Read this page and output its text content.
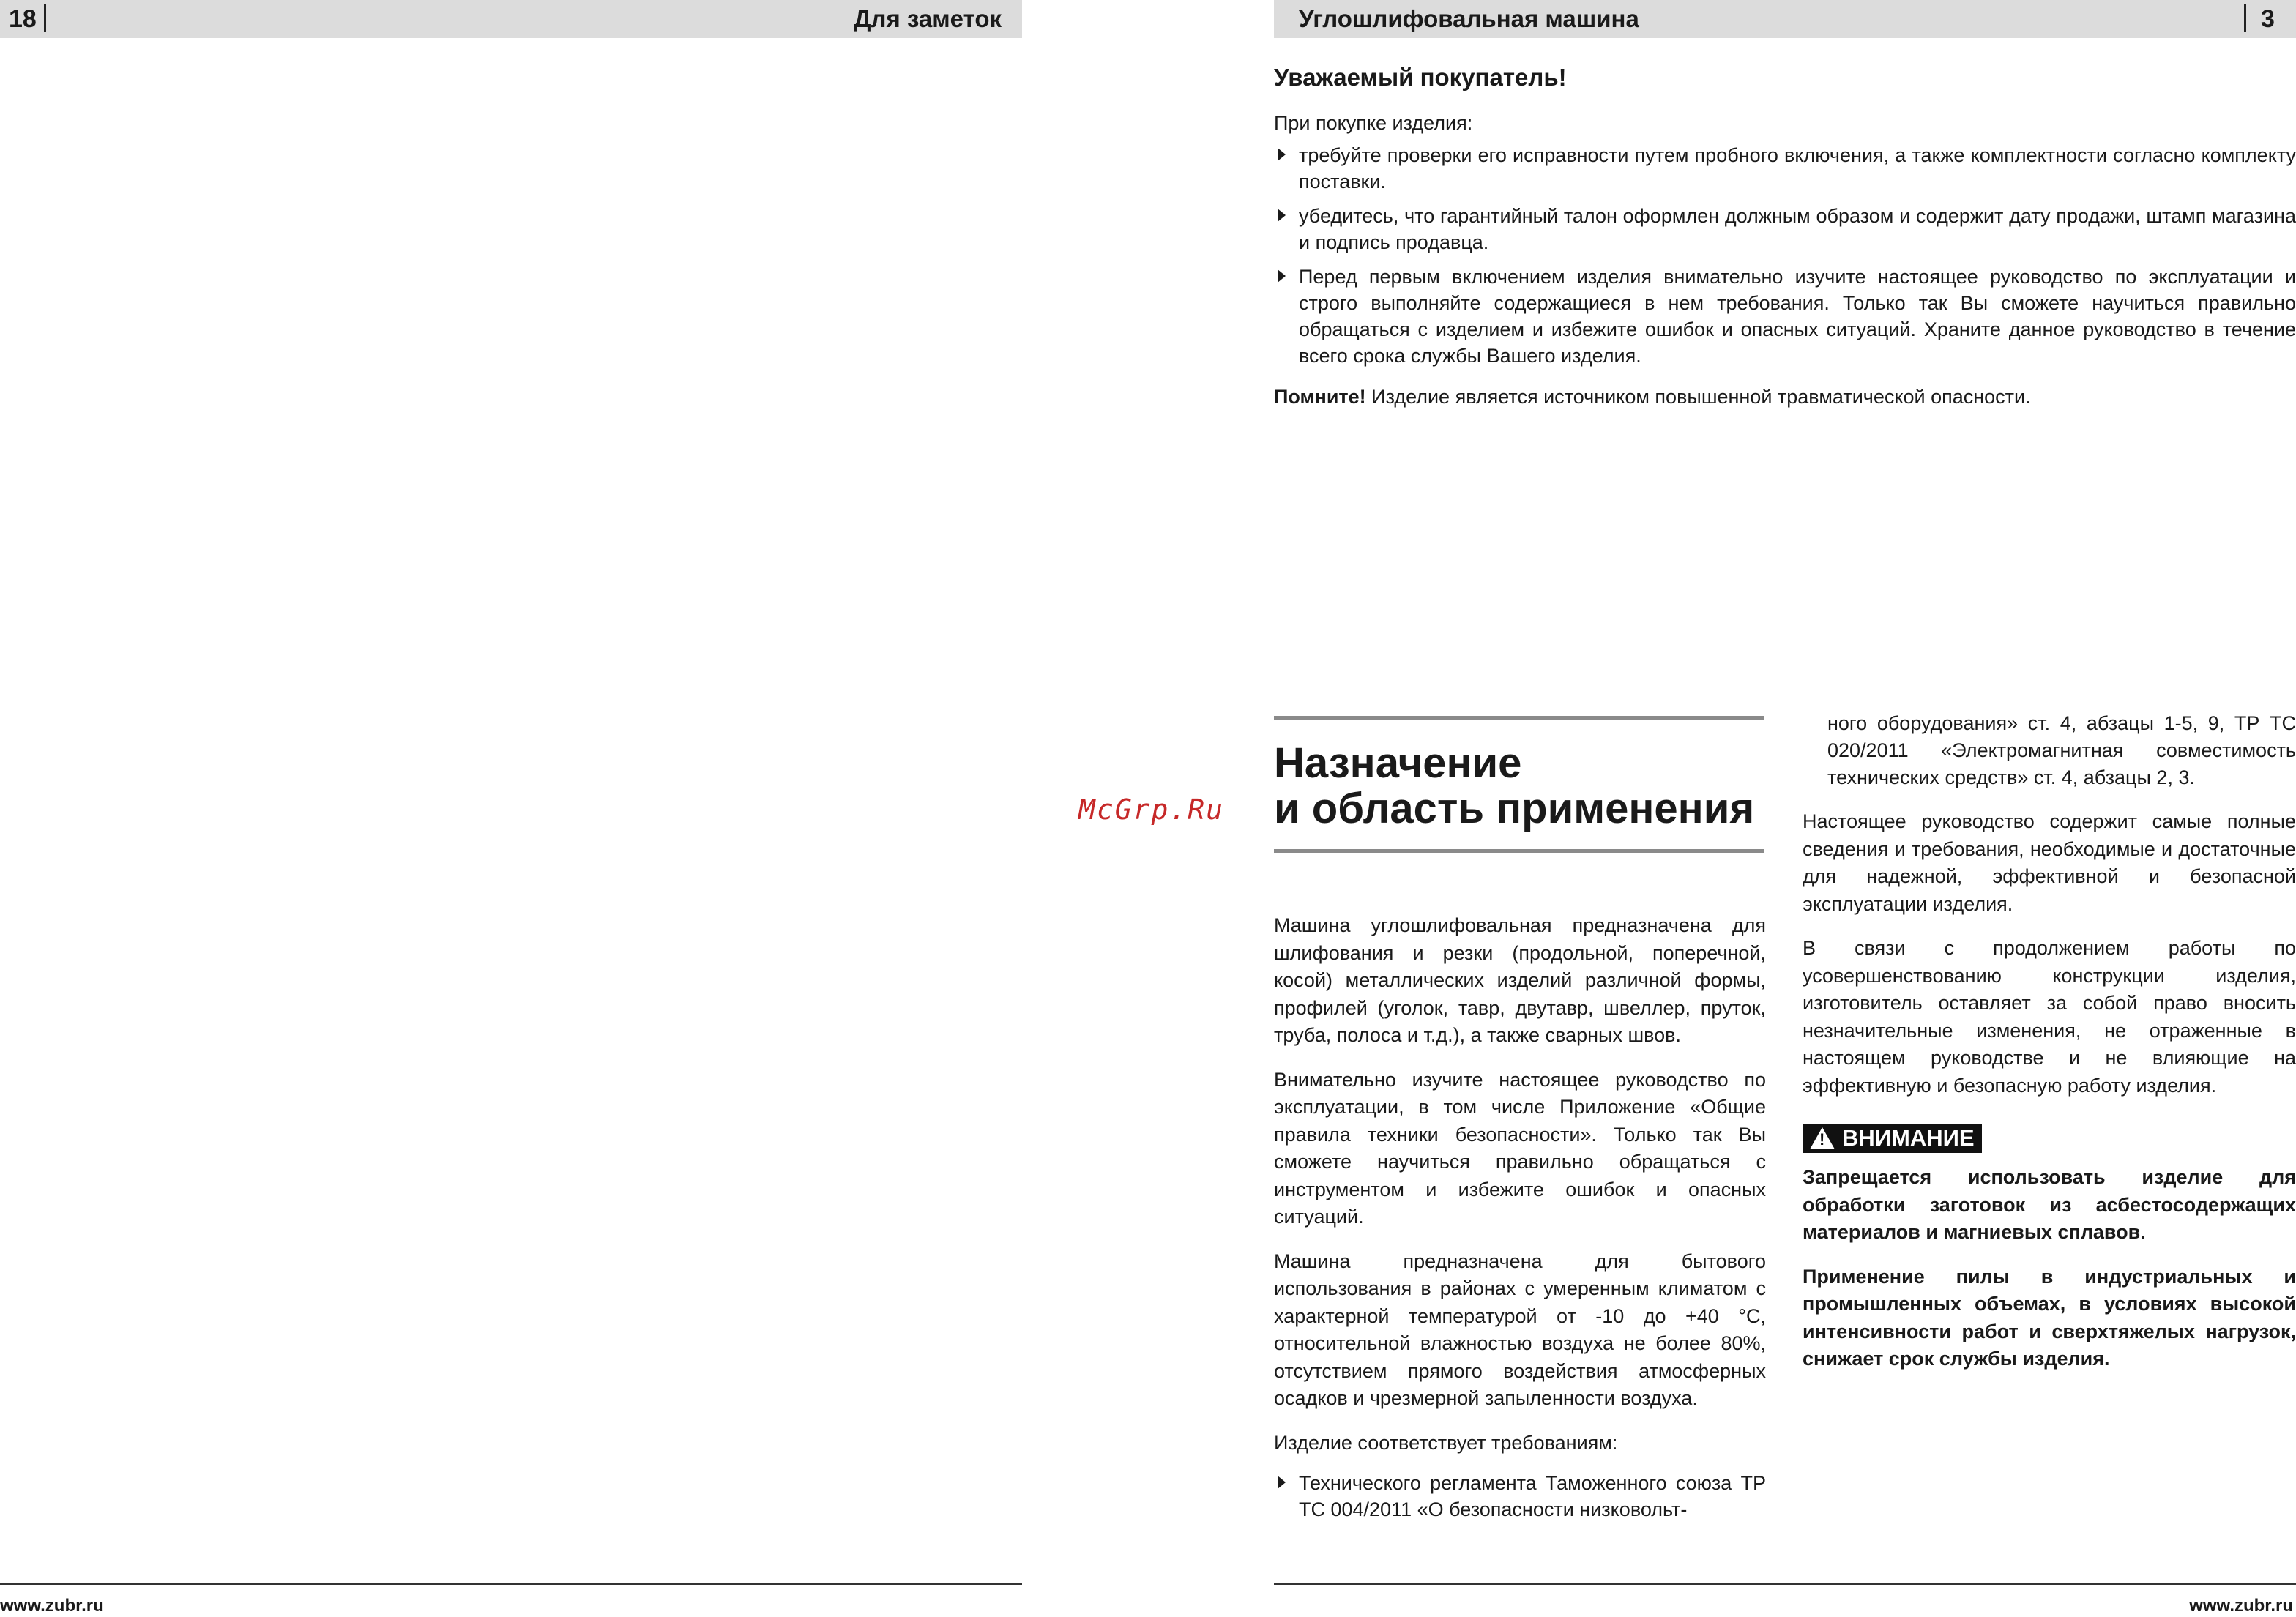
18	Для заметок	Углошлифовальная машина	3
McGrp.Ru
Уважаемый покупатель!

При покупке изделия:

требуйте проверки его исправности путем пробного включения, а также комплектности согласно комплекту поставки.
убедитесь, что гарантийный талон оформлен должным образом и содержит дату продажи, штамп магазина и подпись продавца.
Перед первым включением изделия внимательно изучите настоящее руководство по эксплуатации и строго выполняйте содержащиеся в нем требования. Только так Вы сможете научиться правильно обращаться с изделием и избежите ошибок и опасных ситуаций. Храните данное руководство в течение всего срока службы Вашего изделия.

Помните! Изделие является источником повышенной травматической опасности.

Назначение
и область применения

Машина углошлифовальная предназначена для шлифования и резки (продольной, поперечной, косой) металлических изделий различной формы, профилей (уголок, тавр, двутавр, швеллер, пруток, труба, полоса и т.д.), а также сварных швов.

Внимательно изучите настоящее руководство по эксплуатации, в том числе Приложение «Общие правила техники безопасности». Только так Вы сможете научиться правильно обращаться с инструментом и избежите ошибок и опасных ситуаций.

Машина предназначена для бытового использования в районах с умеренным климатом с характерной температурой от -10 до +40 °С, относительной влажностью воздуха не более 80%, отсутствием прямого воздействия атмосферных осадков и чрезмерной запыленности воздуха.

Изделие соответствует требованиям:

Технического регламента Таможенного союза ТР ТС 004/2011 «О безопасности низковольт-

ного оборудования» ст. 4, абзацы 1-5, 9, ТР ТС 020/2011 «Электромагнитная совместимость технических средств» ст. 4, абзацы 2, 3.

Настоящее руководство содержит самые полные сведения и требования, необходимые и достаточные для надежной, эффективной и безопасной эксплуатации изделия.

В связи с продолжением работы по усовершенствованию конструкции изделия, изготовитель оставляет за собой право вносить незначительные изменения, не отраженные в настоящем руководстве и не влияющие на эффективную и безопасную работу изделия.

! ВНИМАНИЕ

Запрещается использовать изделие для обработки заготовок из асбестосодержащих материалов и магниевых сплавов.

Применение пилы в индустриальных и промышленных объемах, в условиях высокой интенсивности работ и сверхтяжелых нагрузок, снижает срок службы изделия.

www.zubr.ru	www.zubr.ru
